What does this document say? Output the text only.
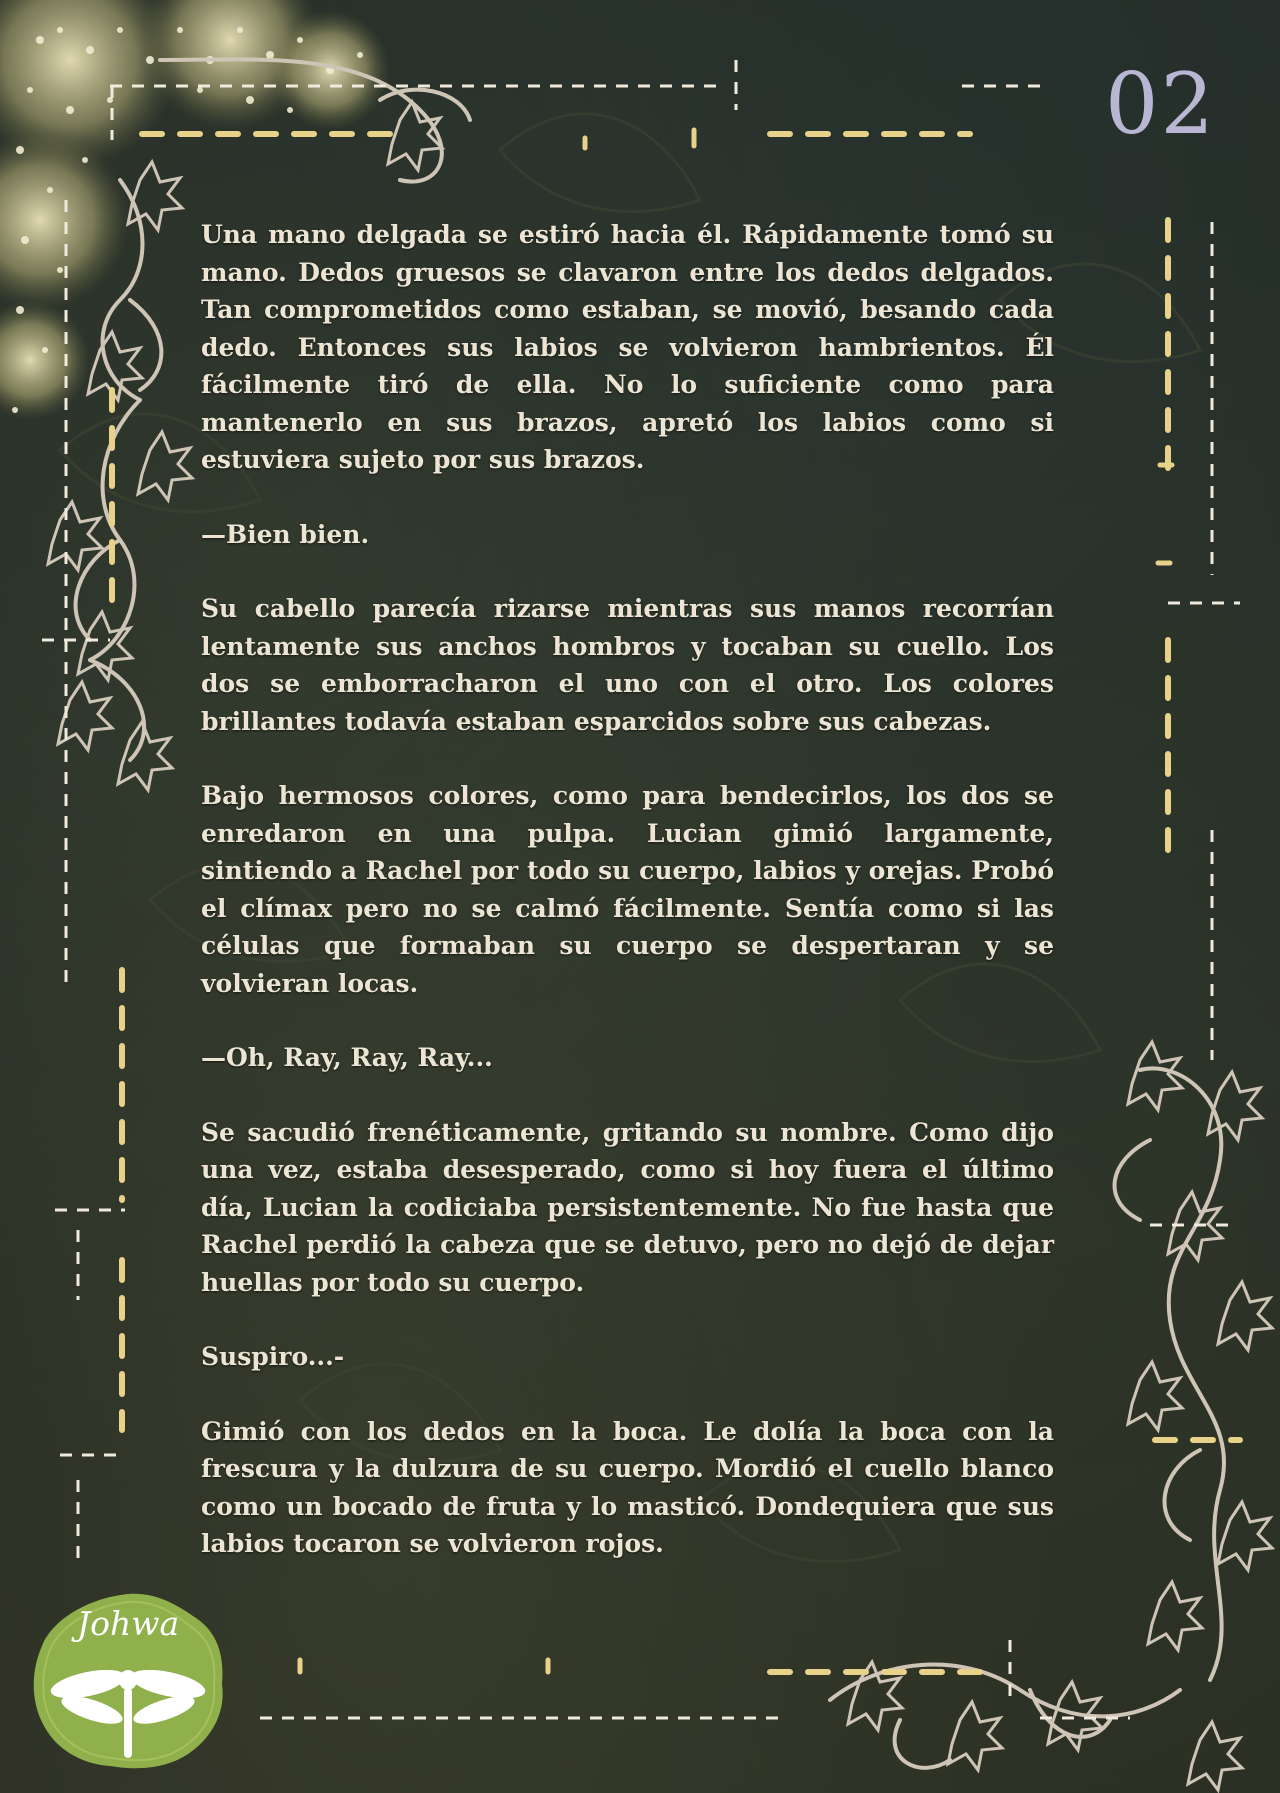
02

Una mano delgada se estiró hacia él. Rápidamente tomó su mano. Dedos gruesos se clavaron entre los dedos delgados. Tan comprometidos como estaban, se movió, besando cada dedo. Entonces sus labios se volvieron hambrientos. Él fácilmente tiró de ella. No lo suficiente como para mantenerlo en sus brazos, apretó los labios como si estuviera sujeto por sus brazos.

—Bien bien.

Su cabello parecía rizarse mientras sus manos recorrían lentamente sus anchos hombros y tocaban su cuello. Los dos se emborracharon el uno con el otro. Los colores brillantes todavía estaban esparcidos sobre sus cabezas.

Bajo hermosos colores, como para bendecirlos, los dos se enredaron en una pulpa. Lucian gimió largamente, sintiendo a Rachel por todo su cuerpo, labios y orejas. Probó el clímax pero no se calmó fácilmente. Sentía como si las células que formaban su cuerpo se despertaran y se volvieran locas.

—Oh, Ray, Ray, Ray...

Se sacudió frenéticamente, gritando su nombre. Como dijo una vez, estaba desesperado, como si hoy fuera el último día, Lucian la codiciaba persistentemente. No fue hasta que Rachel perdió la cabeza que se detuvo, pero no dejó de dejar huellas por todo su cuerpo.

Suspiro...-

Gimió con los dedos en la boca. Le dolía la boca con la frescura y la dulzura de su cuerpo. Mordió el cuello blanco como un bocado de fruta y lo masticó. Dondequiera que sus labios tocaron se volvieron rojos.

Johwa
